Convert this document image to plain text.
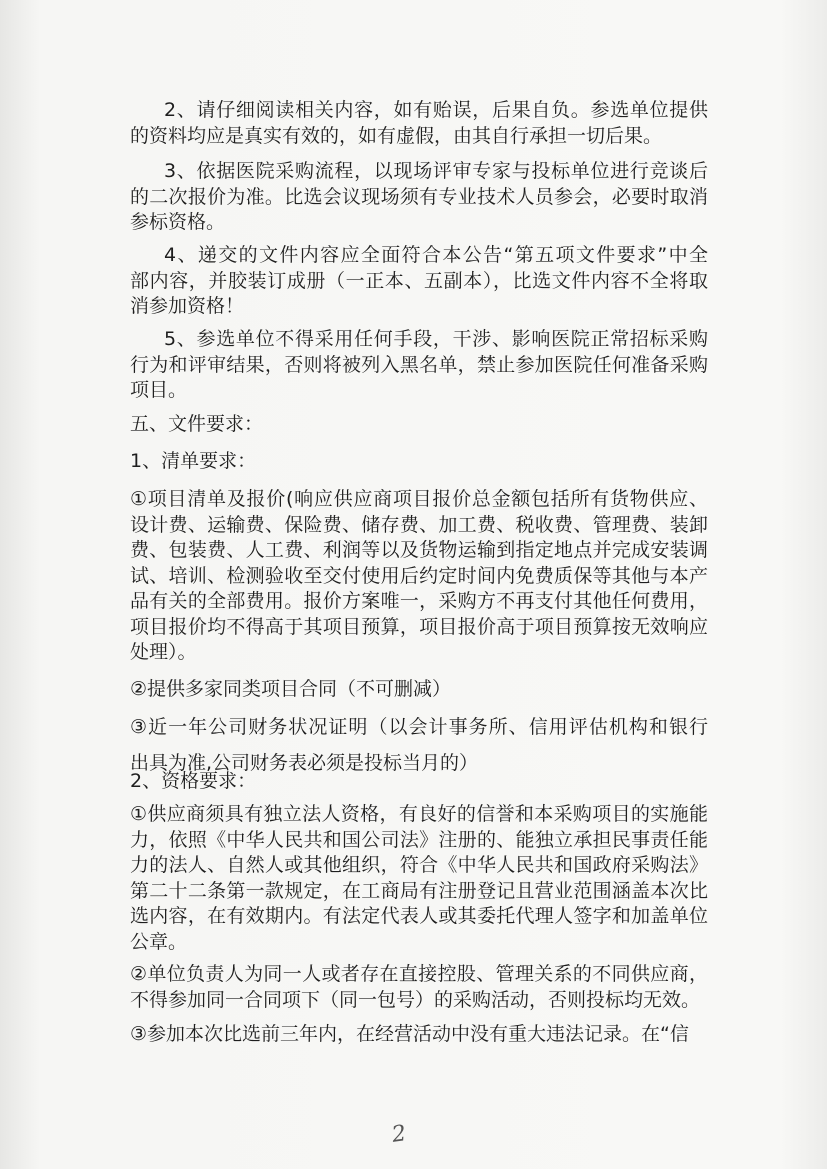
2、请仔细阅读相关内容，如有贻误，后果自负。参选单位提供
的资料均应是真实有效的，如有虚假，由其自行承担一切后果。
3、依据医院采购流程，以现场评审专家与投标单位进行竞谈后
的二次报价为准。比选会议现场须有专业技术人员参会，必要时取消
参标资格。
4、递交的文件内容应全面符合本公告“第五项文件要求”中全
部内容，并胶装订成册（一正本、五副本），比选文件内容不全将取
消参加资格！
5、参选单位不得采用任何手段，干涉、影响医院正常招标采购
行为和评审结果，否则将被列入黑名单，禁止参加医院任何准备采购
项目。
五、文件要求：
1、清单要求：
①项目清单及报价(响应供应商项目报价总金额包括所有货物供应、
设计费、运输费、保险费、储存费、加工费、税收费、管理费、装卸
费、包装费、人工费、利润等以及货物运输到指定地点并完成安装调
试、培训、检测验收至交付使用后约定时间内免费质保等其他与本产
品有关的全部费用。报价方案唯一，采购方不再支付其他任何费用，
项目报价均不得高于其项目预算，项目报价高于项目预算按无效响应
处理）。
②提供多家同类项目合同（不可删减）
③近一年公司财务状况证明（以会计事务所、信用评估机构和银行
出具为准,公司财务表必须是投标当月的）
2、资格要求：
①供应商须具有独立法人资格，有良好的信誉和本采购项目的实施能
力，依照《中华人民共和国公司法》注册的、能独立承担民事责任能
力的法人、自然人或其他组织，符合《中华人民共和国政府采购法》
第二十二条第一款规定，在工商局有注册登记且营业范围涵盖本次比
选内容，在有效期内。有法定代表人或其委托代理人签字和加盖单位
公章。
②单位负责人为同一人或者存在直接控股、管理关系的不同供应商，
不得参加同一合同项下（同一包号）的采购活动，否则投标均无效。
③参加本次比选前三年内，在经营活动中没有重大违法记录。在“信
2
